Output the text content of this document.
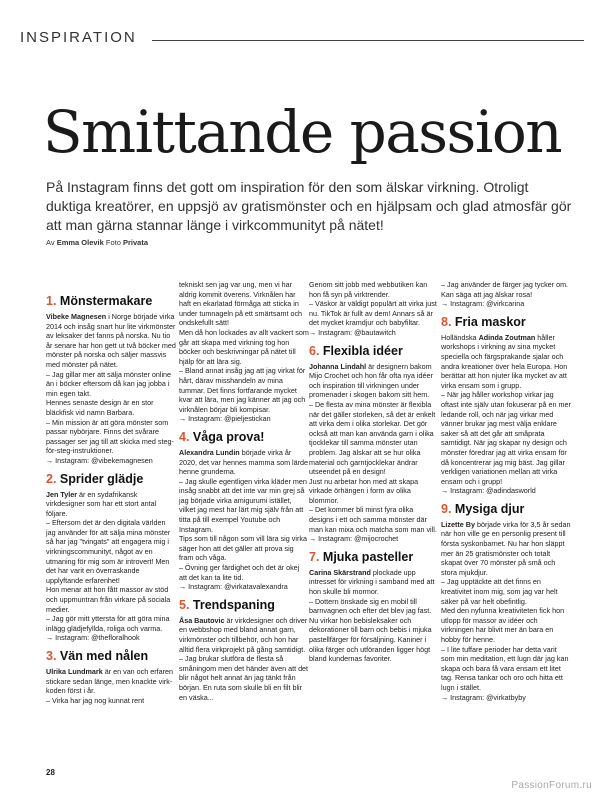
INSPIRATION
Smittande passion

På Instagram finns det gott om inspiration för den som älskar virkning. Otroligt duktiga kreatörer, en uppsjö av gratismönster och en hjälpsam och glad atmosfär gör att man gärna stannar länge i virkcommunityt på nätet!

Av Emma Olevik Foto Privata
1. Mönstermakare

Vibeke Magnesen i Norge började virka 2014 och insåg snart hur lite virkmönster av leksaker det fanns på norska. Nu tio år senare har hon gett ut två böcker med mönster på norska och säljer massvis med mönster på nätet.

– Jag gillar mer att sälja mönster online än i böcker eftersom då kan jag jobba i min egen takt.

Hennes senaste design är en stor bläckfisk vid namn Barbara.

– Min mission är att göra mönster som passar nybörjare. Finns det svårare passager ser jag till att skicka med steg-för-steg-instruktioner.

→ Instagram: @vibekemagnesen

2. Sprider glädje

Jen Tyler är en sydafrikansk virkdesigner som har ett stort antal följare.

– Eftersom det är den digitala världen jag använder för att sälja mina mönster så har jag "tvingats" att engagera mig i virkningscommunityt, något av en utmaning för mig som är introvert! Men det har varit en överraskande upplyftande erfarenhet!

Hon menar att hon fått massor av stöd och uppmuntran från virkare på sociala medier.

– Jag gör mitt yttersta för att göra mina inlägg glädjefyllda, roliga och varma.

→ Instagram: @thefloralhook

3. Vän med nålen

Ulrika Lundmark är en van och erfaren stickare sedan länge, men knackte virk-koden först i år.

– Virka har jag nog kunnat rent

tekniskt sen jag var ung, men vi har aldrig kommit överens. Virknålen har haft en ekarlatad förmåga att sticka in under tumnageln på ett smärtsamt och ondskefullt sätt!

Men då hon lockades av allt vackert som går att skapa med virkning tog hon böcker och beskrivningar på nätet till hjälp för att lära sig.

– Bland annat insåg jag att jag virkat för hårt, därav misshandeln av mina tummar. Det finns fortfarande mycket kvar att lära, men jag känner att jag och virknålen börjar bli kompisar.

→ Instagram: @pieljestickan

4. Våga prova!

Alexandra Lundin började virka år 2020, det var hennes mamma som lärde henne grunderna.

– Jag skulle egentligen virka kläder men insåg snabbt att det inte var min grej så jag började virka amigurumi istället, vilket jag mest har lärt mig själv från att titta på till exempel Youtube och Instagram.

Tips som till någon som vill lära sig virka säger hon att det gäller att prova sig fram och våga.

– Övning ger färdighet och det är okej att det kan ta lite tid.

→ Instagram: @virkatavalexandra

5. Trendspaning

Åsa Bautovic är virkdesigner och driver en webbshop med bland annat garn, virkmönster och tillbehör, och hon har alltid flera virkprojekt på gång samtidigt.

– Jag brukar slutföra de flesta så småningom men det händer även att det blir något helt annat än jag tänkt från början. En ruta som skulle bli en filt blir en väska...

Genom sitt jobb med webbutiken kan hon få syn på virktrender.

– Väskor är väldigt populärt att virka just nu. TikTok är fullt av dem! Annars så är det mycket kramdjur och babyfiltar.

→ Instagram: @bautawitch

6. Flexibla idéer

Johanna Lindahl är designern bakom Mijo Crochet och hon får ofta nya idéer och inspiration till virkningen under promenader i skogen bakom sitt hem.

– De flesta av mina mönster är flexibla när det gäller storleken, så det är enkelt att virka dem i olika storlekar. Det gör också att man kan använda garn i olika tjocklekar till samma mönster utan problem. Jag älskar att se hur olika material och garntjocklekar ändrar utseendet på en design!

Just nu arbetar hon med att skapa virkade örhängen i form av olika blommor.

– Det kommer bli minst fyra olika designs i ett och samma mönster där man kan mixa och matcha som man vill.

→ Instagram: @mijocrochet

7. Mjuka pasteller

Carina Skärstrand plockade upp intresset för virkning i samband med att hon skulle bli mormor.

– Dottern önskade sig en mobil till barnvagnen och efter det blev jag fast.

Nu virkar hon bebisleksaker och dekorationer till barn och bebis i mjuka pastellfärger för försäljning. Kaniner i olika färger och utföranden ligger högt bland kundernas favoriter.

– Jag använder de färger jag tycker om. Kan säga att jag älskar rosa!

→ Instagram: @virkcarina

8. Fria maskor

Holländska Adinda Zoutman håller workshops i virkning av sina mycket speciella och färgsprakande sjalar och andra kreationer över hela Europa. Hon berättar att hon njuter lika mycket av att virka ensam som i grupp.

– När jag håller workshop virkar jag oftast inte själv utan fokuserar på en mer ledande roll, och när jag virkar med vänner brukar jag mest välja enklare saker så att det går att småprata samtidigt. När jag skapar ny design och mönster föredrar jag att virka ensam för då koncentrerar jag mig bäst. Jag gillar verkligen variationen mellan att virka ensam och i grupp!

→ Instagram: @adindasworld

9. Mysiga djur

Lizette By började virka för 3,5 år sedan när hon ville ge en personlig present till första syskonbarnet. Nu har hon släppt mer än 25 gratismönster och totalt skapat över 70 mönster på små och stora mjukdjur.

– Jag upptäckte att det finns en kreativitet inom mig, som jag var helt säker på var helt obefintlig.

Med den nyfunna kreativiteten fick hon utlopp för massor av idéer och virkningen har blivit mer än bara en hobby för henne.

– I lite tuffare perioder har detta varit som min meditation, ett lugn där jag kan skapa och bara få vara ensam ett litet tag. Rensa tankar och oro och hitta ett lugn i stället.

→ Instagram: @virkatbyby

28
PassionForum.ru
